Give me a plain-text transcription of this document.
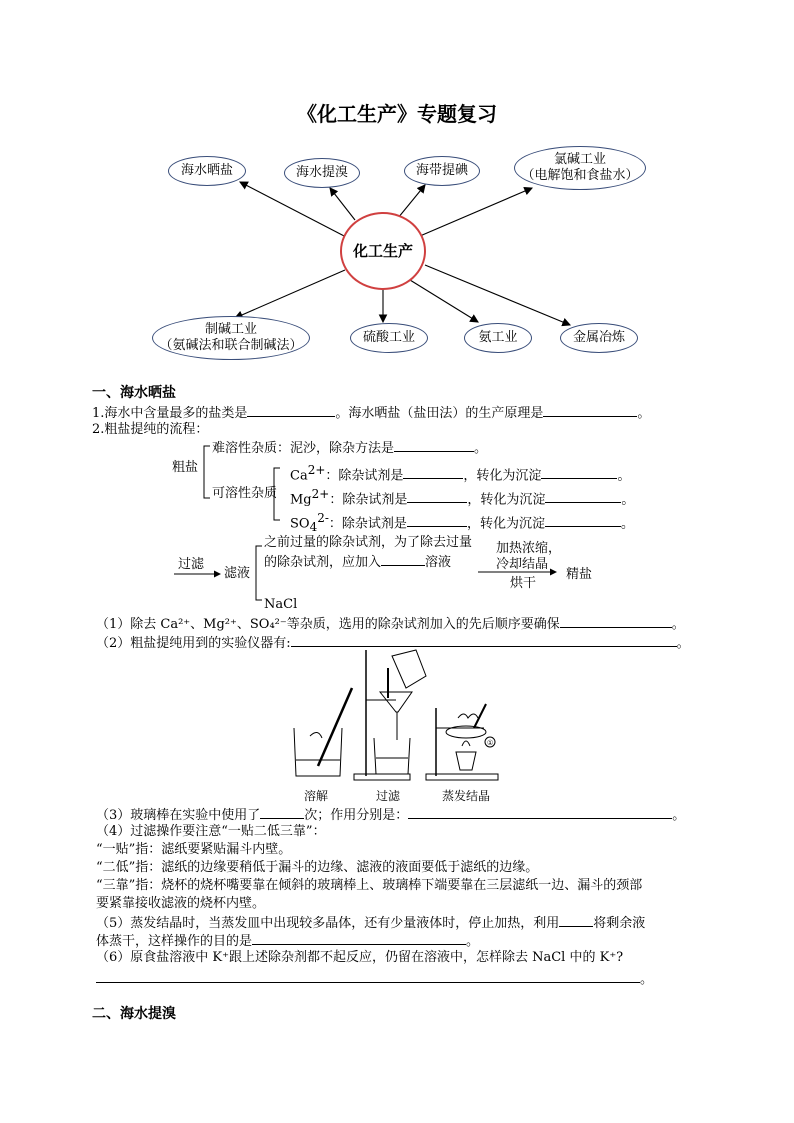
《化工生产》专题复习
化工生产
海水晒盐	海水提溴	海带提碘
氯碱工业
（电解饱和食盐水）
制碱工业
（氨碱法和联合制碱法）
硫酸工业	氨工业	金属冶炼
一、海水晒盐
1.海水中含量最多的盐类是	。海水晒盐（盐田法）的生产原理是	。
2.粗盐提纯的流程：
粗盐
难溶性杂质：泥沙，除杂方法是	。
可溶性杂质
$Ca^{2+}$：除杂试剂是	，转化为沉淀	。
$Mg^{2+}$：除杂试剂是	，转化为沉淀	。
$SO_4^{2-}$：除杂试剂是	，转化为沉淀	。
过滤
滤液
之前过量的除杂试剂，为了除去过量
的除杂试剂，应加入	溶液
NaCl
加热浓缩，
冷却结晶
烘干
精盐
（1）除去 Ca²⁺、Mg²⁺、SO₄²⁻等杂质，选用的除杂试剂加入的先后顺序要确保	。
（2）粗盐提纯用到的实验仪器有:	。
①
溶解	过滤	蒸发结晶
（3）玻璃棒在实验中使用了	次；作用分别是：	。
（4）过滤操作要注意“一贴二低三靠”：
“一贴”指：滤纸要紧贴漏斗内壁。
“二低”指：滤纸的边缘要稍低于漏斗的边缘、滤液的液面要低于滤纸的边缘。
“三靠”指：烧杯的烧杯嘴要靠在倾斜的玻璃棒上、玻璃棒下端要靠在三层滤纸一边、漏斗的颈部
要紧靠接收滤液的烧杯内壁。
（5）蒸发结晶时，当蒸发皿中出现较多晶体，还有少量液体时，停止加热，利用	将剩余液
体蒸干，这样操作的目的是	。
（6）原食盐溶液中 K⁺跟上述除杂剂都不起反应，仍留在溶液中，怎样除去 NaCl 中的 K⁺?
。
二、海水提溴
